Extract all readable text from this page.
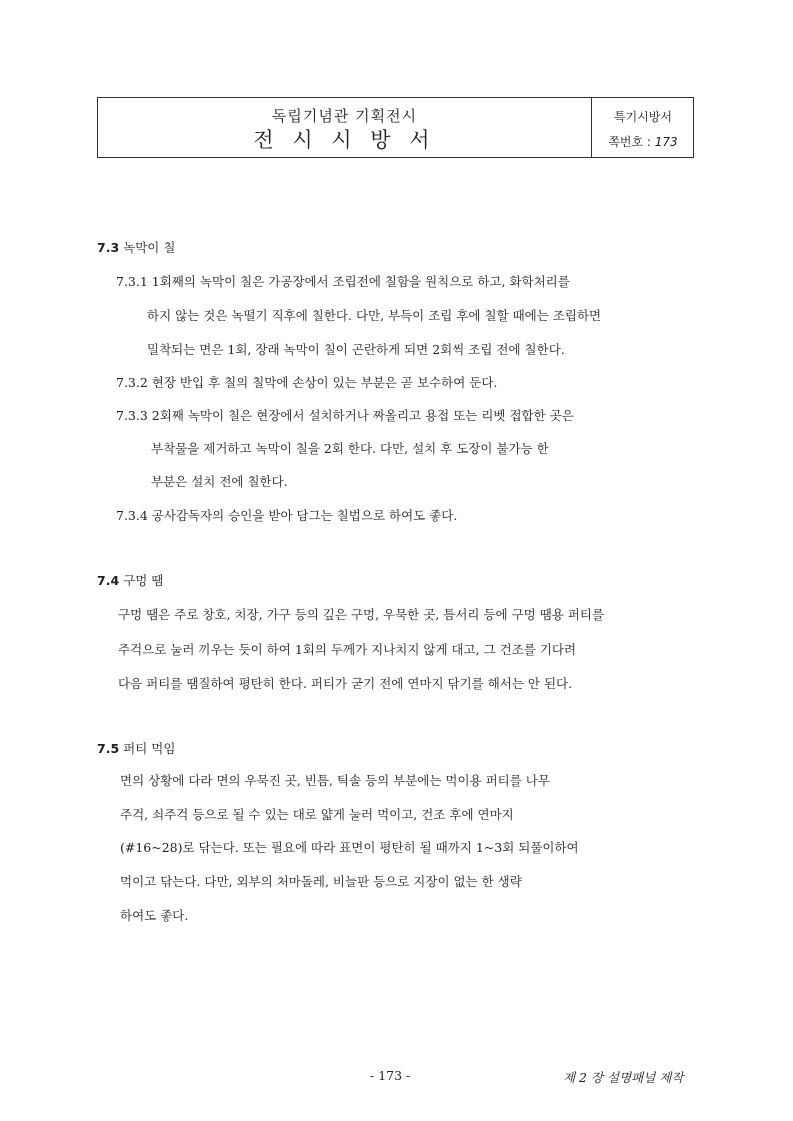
독립기념관 기획전시
전 시 시 방 서
특기시방서
쪽번호 : 173
7.3 녹막이 칠
7.3.1 1회째의 녹막이 칠은 가공장에서 조립전에 칠함을 원칙으로 하고, 화학처리를
하지 않는 것은 녹떨기 직후에 칠한다. 다만, 부득이 조립 후에 칠할 때에는 조립하면
밀착되는 면은 1회, 장래 녹막이 칠이 곤란하게 되면 2회씩 조립 전에 칠한다.
7.3.2 현장 반입 후 칠의 칠막에 손상이 있는 부분은 곧 보수하여 둔다.
7.3.3 2회째 녹막이 칠은 현장에서 설치하거나 짜올리고 용접 또는 리벳 접합한 곳은
부착물을 제거하고 녹막이 칠을 2회 한다. 다만, 설치 후 도장이 불가능 한
부분은 설치 전에 칠한다.
7.3.4 공사감독자의 승인을 받아 담그는 칠법으로 하여도 좋다.
7.4 구멍 땜
구멍 땜은 주로 창호, 치장, 가구 등의 깊은 구멍, 우묵한 곳, 틈서리 등에 구멍 땜용 퍼티를
주걱으로 눌러 끼우는 듯이 하여 1회의 두께가 지나치지 않게 대고, 그 건조를 기다려
다음 퍼티를 땜질하여 평탄히 한다. 퍼티가 굳기 전에 연마지 닦기를 해서는 안 된다.
7.5 퍼티 먹임
면의 상황에 다라 면의 우묵진 곳, 빈틈, 틱솔 등의 부분에는 먹이용 퍼티를 나무
주걱, 쇠주걱 등으로 될 수 있는 대로 얇게 눌러 먹이고, 건조 후에 연마지
(#16~28)로 닦는다. 또는 필요에 따라 표면이 평탄히 될 때까지 1~3회 되풀이하여
먹이고 닦는다. 다만, 외부의 처마돌레, 비늘판 등으로 지장이 없는 한 생략
하여도 좋다.
- 173 -	제 2 장 설명패널 제작
